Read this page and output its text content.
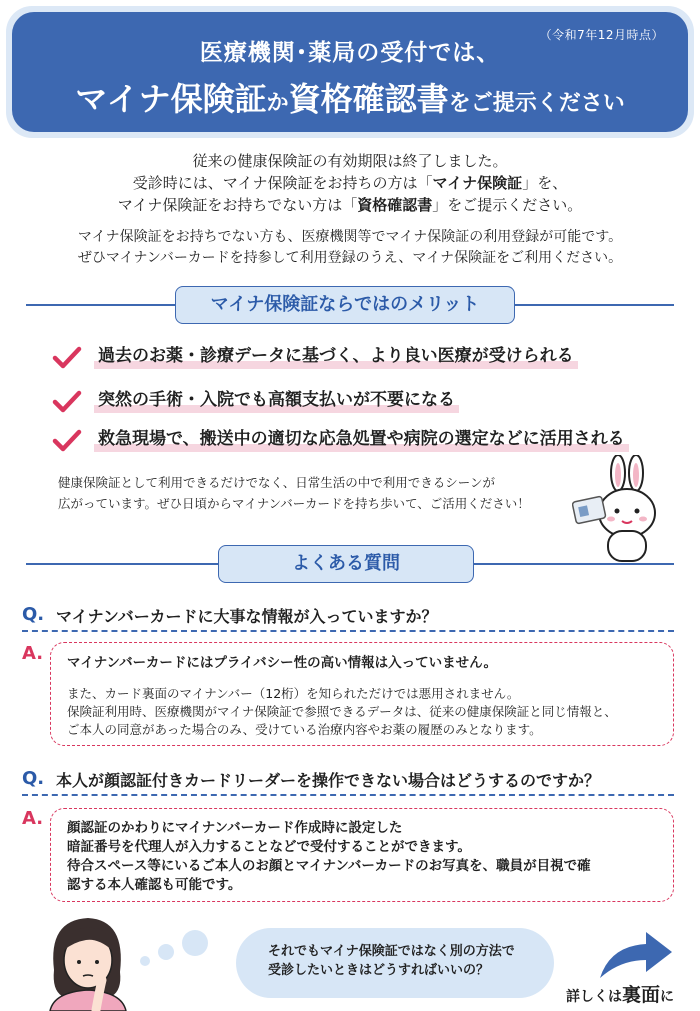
（令和7年12月時点）
医療機関･薬局の受付では、
マイナ保険証か資格確認書をご提示ください
従来の健康保険証の有効期限は終了しました。
受診時には、マイナ保険証をお持ちの方は「マイナ保険証」を、
マイナ保険証をお持ちでない方は「資格確認書」をご提示ください。
マイナ保険証をお持ちでない方も、医療機関等でマイナ保険証の利用登録が可能です。
ぜひマイナンバーカードを持参して利用登録のうえ、マイナ保険証をご利用ください。
マイナ保険証ならではのメリット
過去のお薬・診療データに基づく、より良い医療が受けられる
突然の手術・入院でも高額支払いが不要になる
救急現場で、搬送中の適切な応急処置や病院の選定などに活用される
健康保険証として利用できるだけでなく、日常生活の中で利用できるシーンが
広がっています。ぜひ日頃からマイナンバーカードを持ち歩いて、ご活用ください！
よくある質問
Q. マイナンバーカードに大事な情報が入っていますか？
A. マイナンバーカードにはプライバシー性の高い情報は入っていません。
また、カード裏面のマイナンバー（12桁）を知られただけでは悪用されません。
保険証利用時、医療機関がマイナ保険証で参照できるデータは、従来の健康保険証と同じ情報と、
ご本人の同意があった場合のみ、受けている治療内容やお薬の履歴のみとなります。
Q. 本人が顔認証付きカードリーダーを操作できない場合はどうするのですか？
A. 顔認証のかわりにマイナンバーカード作成時に設定した
暗証番号を代理人が入力することなどで受付することができます。
待合スペース等にいるご本人のお顔とマイナンバーカードのお写真を、職員が目視で確
認する本人確認も可能です。
それでもマイナ保険証ではなく別の方法で
受診したいときはどうすればいいの？
詳しくは裏面に
